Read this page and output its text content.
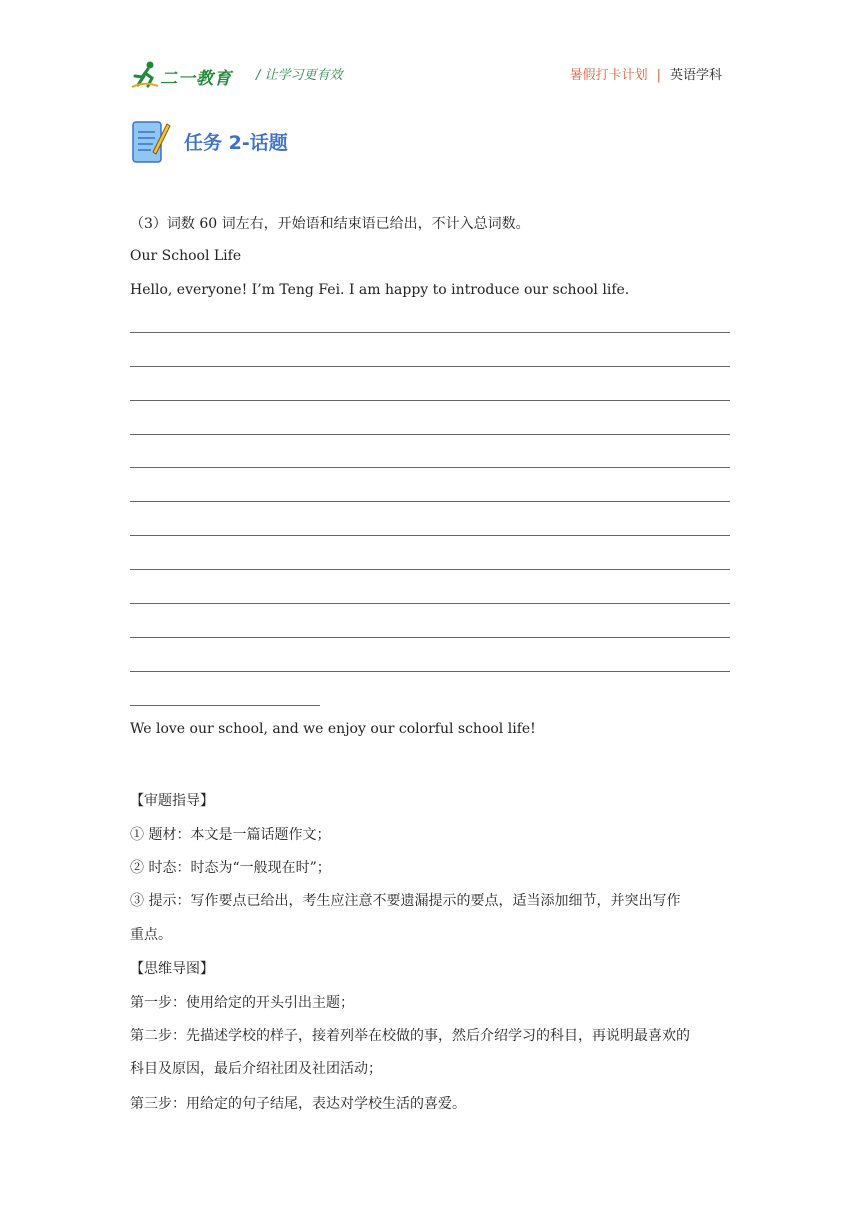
二一教育 / 让学习更有效	暑假打卡计划 | 英语学科
任务 2-话题
（3）词数 60 词左右，开始语和结束语已给出，不计入总词数。
Our School Life
Hello, everyone! I’m Teng Fei. I am happy to introduce our school life.
We love our school, and we enjoy our colorful school life!
【审题指导】
① 题材：本文是一篇话题作文；
② 时态：时态为“一般现在时”；
③ 提示：写作要点已给出，考生应注意不要遗漏提示的要点，适当添加细节，并突出写作
重点。
【思维导图】
第一步：使用给定的开头引出主题；
第二步：先描述学校的样子，接着列举在校做的事，然后介绍学习的科目，再说明最喜欢的
科目及原因，最后介绍社团及社团活动；
第三步：用给定的句子结尾，表达对学校生活的喜爱。
